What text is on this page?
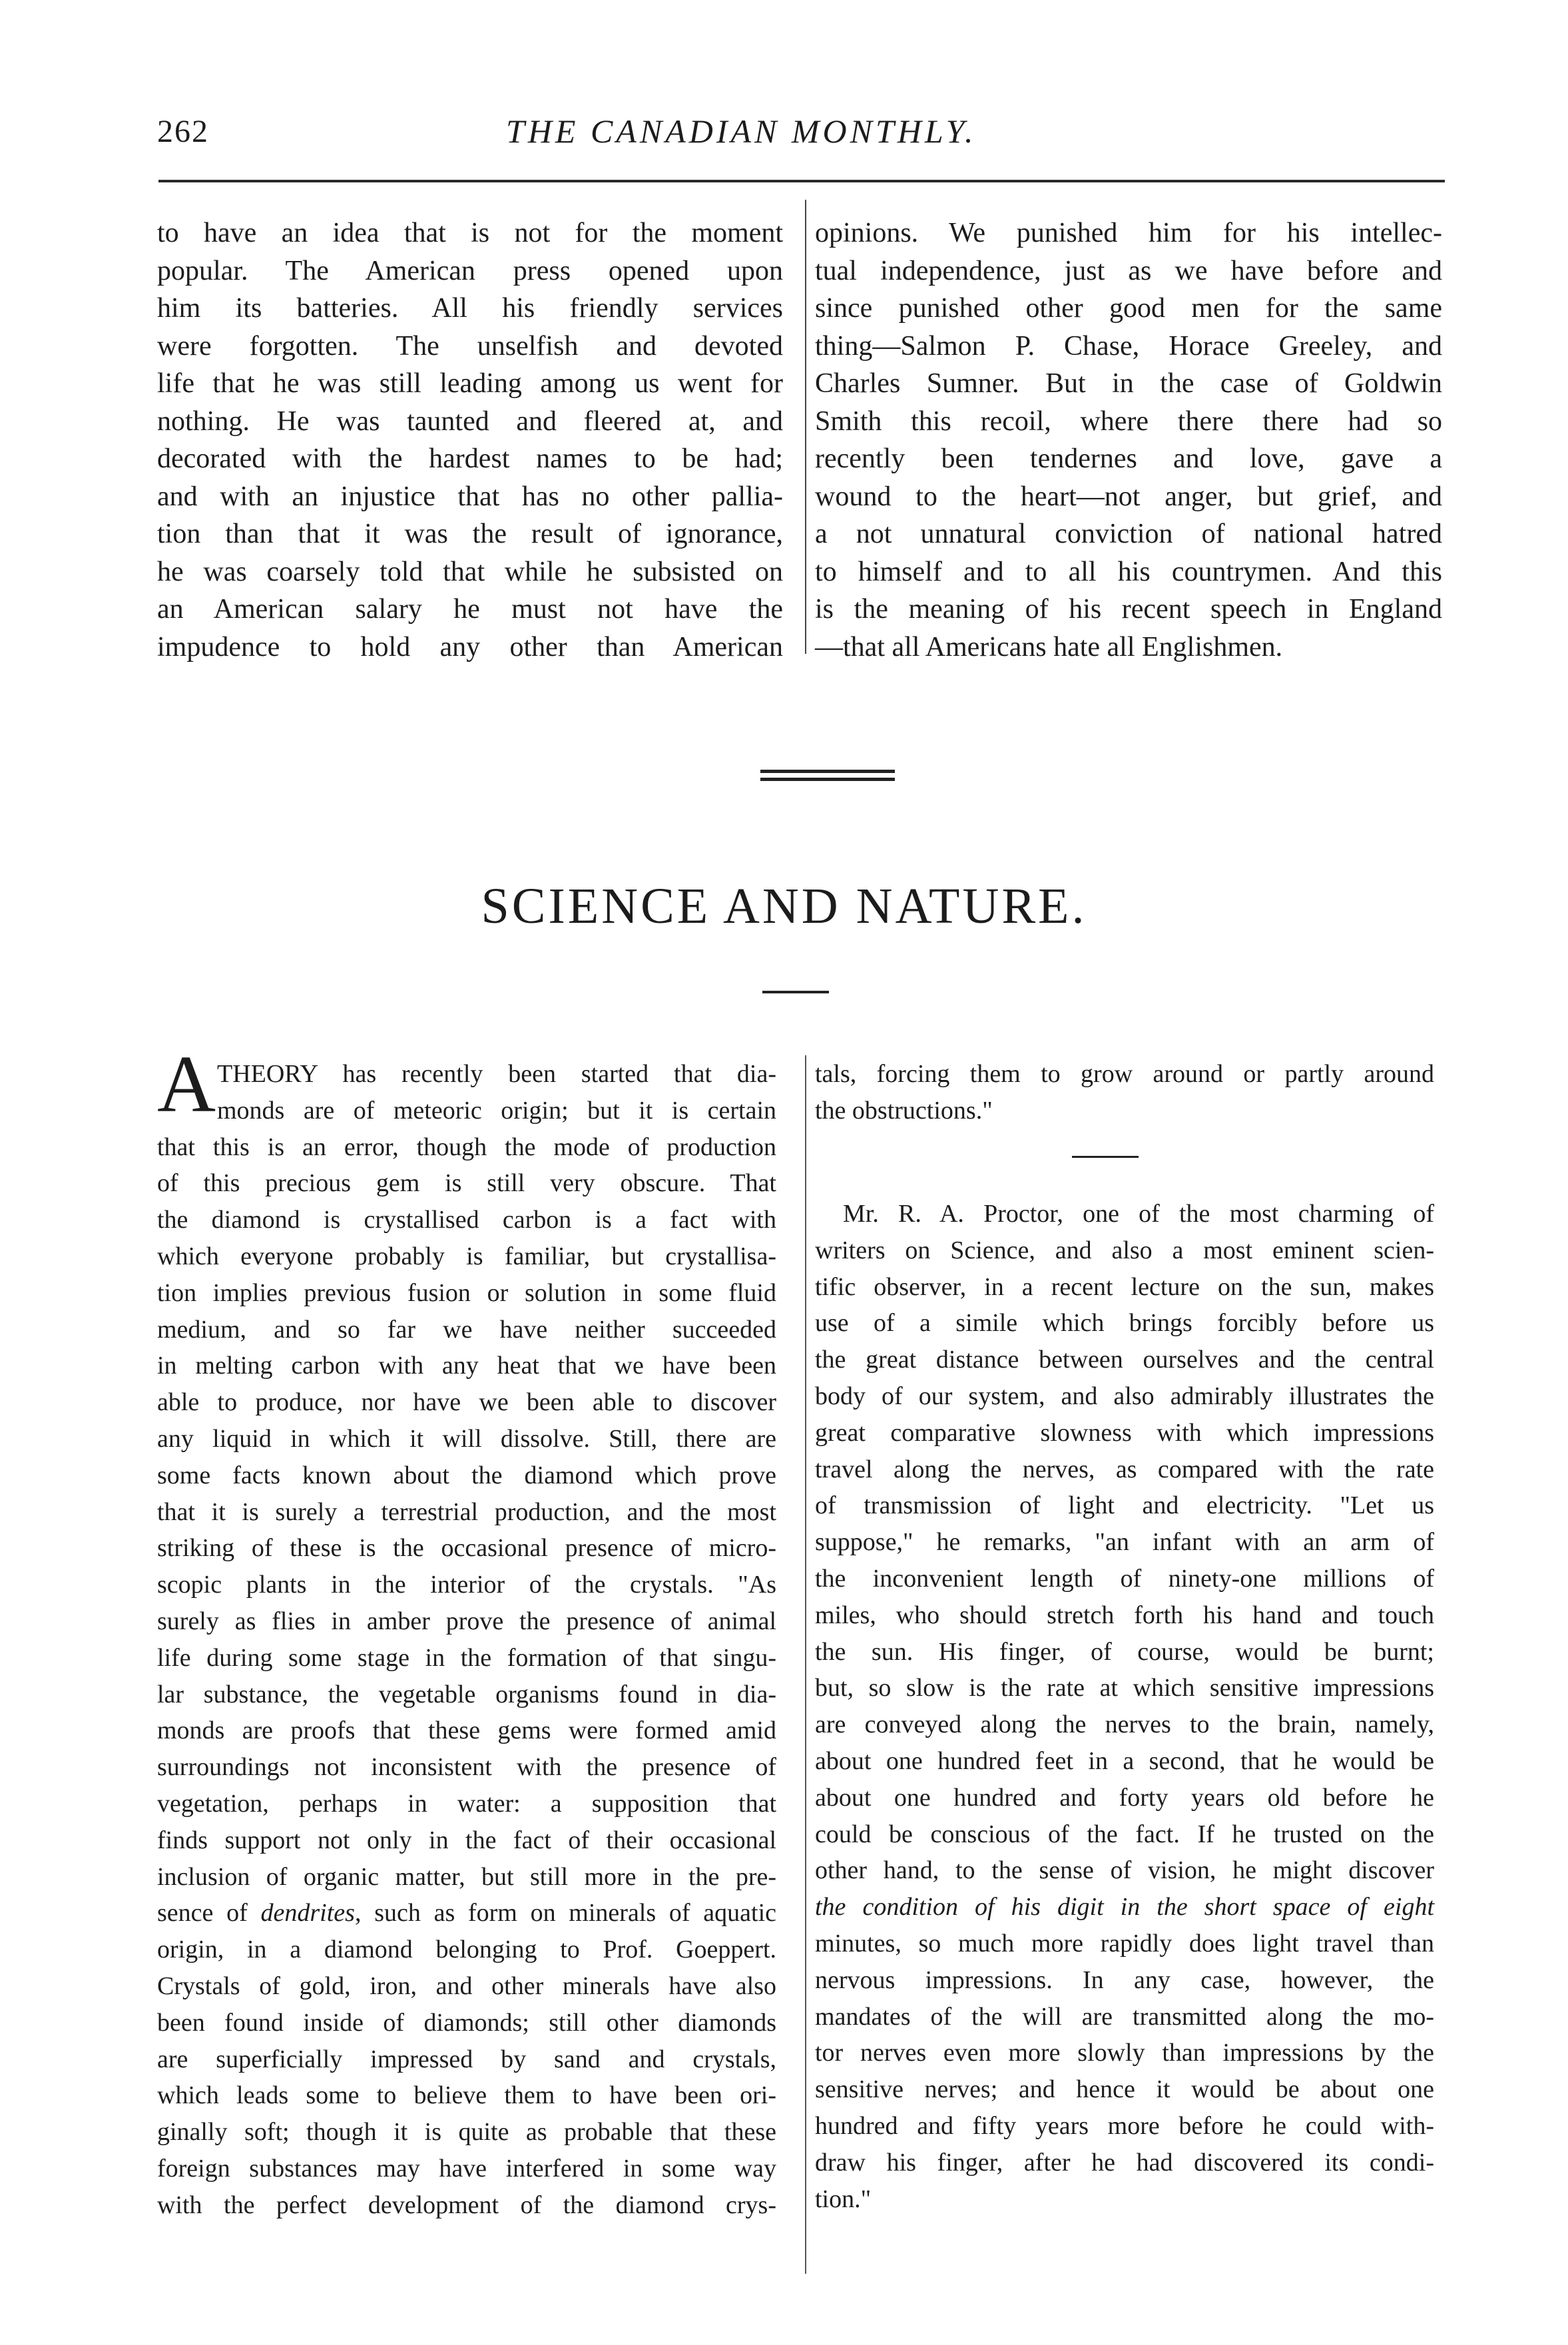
262	THE CANADIAN MONTHLY.

to have an idea that is not for the moment
popular. The American press opened upon
him its batteries. All his friendly services
were forgotten. The unselfish and devoted
life that he was still leading among us went for
nothing. He was taunted and fleered at, and
decorated with the hardest names to be had;
and with an injustice that has no other pallia-
tion than that it was the result of ignorance,
he was coarsely told that while he subsisted on
an American salary he must not have the
impudence to hold any other than American

opinions. We punished him for his intellec-
tual independence, just as we have before and
since punished other good men for the same
thing—Salmon P. Chase, Horace Greeley, and
Charles Sumner. But in the case of Goldwin
Smith this recoil, where there there had so
recently been tendernes and love, gave a
wound to the heart—not anger, but grief, and
a not unnatural conviction of national hatred
to himself and to all his countrymen. And this
is the meaning of his recent speech in England
—that all Americans hate all Englishmen.

SCIENCE AND NATURE.
A THEORY has recently been started that dia-
monds are of meteoric origin; but it is certain

that this is an error, though the mode of production
of this precious gem is still very obscure. That
the diamond is crystallised carbon is a fact with
which everyone probably is familiar, but crystallisa-
tion implies previous fusion or solution in some fluid
medium, and so far we have neither succeeded
in melting carbon with any heat that we have been
able to produce, nor have we been able to discover
any liquid in which it will dissolve. Still, there are
some facts known about the diamond which prove
that it is surely a terrestrial production, and the most
striking of these is the occasional presence of micro-
scopic plants in the interior of the crystals. "As
surely as flies in amber prove the presence of animal
life during some stage in the formation of that singu-
lar substance, the vegetable organisms found in dia-
monds are proofs that these gems were formed amid
surroundings not inconsistent with the presence of
vegetation, perhaps in water: a supposition that
finds support not only in the fact of their occasional
inclusion of organic matter, but still more in the pre-
sence of dendrites, such as form on minerals of aquatic
origin, in a diamond belonging to Prof. Goeppert.
Crystals of gold, iron, and other minerals have also
been found inside of diamonds; still other diamonds
are superficially impressed by sand and crystals,
which leads some to believe them to have been ori-
ginally soft; though it is quite as probable that these
foreign substances may have interfered in some way
with the perfect development of the diamond crys-

tals, forcing them to grow around or partly around
the obstructions."

Mr. R. A. Proctor, one of the most charming of

writers on Science, and also a most eminent scien-
tific observer, in a recent lecture on the sun, makes
use of a simile which brings forcibly before us
the great distance between ourselves and the central
body of our system, and also admirably illustrates the
great comparative slowness with which impressions
travel along the nerves, as compared with the rate
of transmission of light and electricity. "Let us
suppose," he remarks, "an infant with an arm of
the inconvenient length of ninety-one millions of
miles, who should stretch forth his hand and touch
the sun. His finger, of course, would be burnt;
but, so slow is the rate at which sensitive impressions
are conveyed along the nerves to the brain, namely,
about one hundred feet in a second, that he would be
about one hundred and forty years old before he
could be conscious of the fact. If he trusted on the
other hand, to the sense of vision, he might discover
the condition of his digit in the short space of eight
minutes, so much more rapidly does light travel than
nervous impressions. In any case, however, the
mandates of the will are transmitted along the mo-
tor nerves even more slowly than impressions by the
sensitive nerves; and hence it would be about one
hundred and fifty years more before he could with-
draw his finger, after he had discovered its condi-
tion."
